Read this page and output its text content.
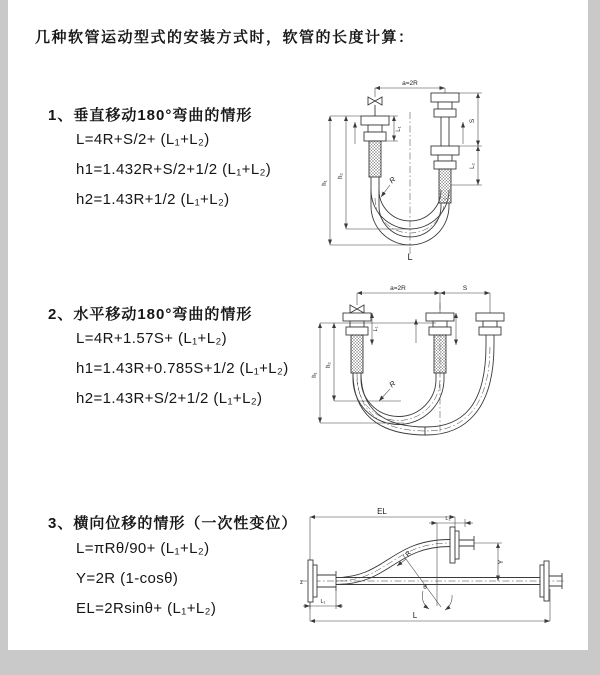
几种软管运动型式的安装方式时，软管的长度计算：
1、垂直移动180°弯曲的情形
L=4R+S/2+ (L₁+L₂)
h1=1.432R+S/2+1/2 (L₁+L₂)
h2=1.43R+1/2 (L₁+L₂)
2、水平移动180°弯曲的情形
L=4R+1.57S+ (L₁+L₂)
h1=1.43R+0.785S+1/2 (L₁+L₂)
h2=1.43R+S/2+1/2 (L₁+L₂)
3、横向位移的情形（一次性变位）
L=πRθ/90+ (L₁+L₂)
Y=2R (1-cosθ)
EL=2Rsinθ+ (L₁+L₂)
a=2R
S
L₂
L₁
h₁
h₂	R
L
a=2R	S
h₁
h₂
L₁
R
EL
L₂
θ
Y
L
L₁
R
z
